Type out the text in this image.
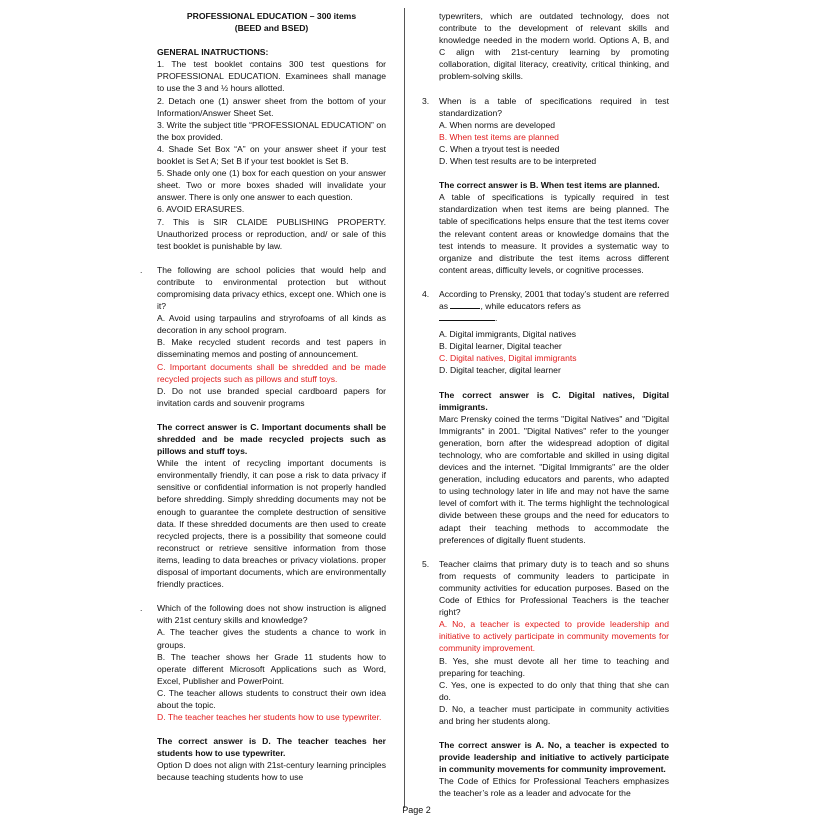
PROFESSIONAL EDUCATION – 300 items

(BEED and BSED)

GENERAL INATRUCTIONS:

1. The test booklet contains 300 test questions for PROFESSIONAL EDUCATION. Examinees shall manage to use the 3 and ½ hours allotted.

2. Detach one (1) answer sheet from the bottom of your Information/Answer Sheet Set.

3. Write the subject title “PROFESSIONAL EDUCATION” on the box provided.

4. Shade Set Box “A” on your answer sheet if your test booklet is Set A; Set B if your test booklet is Set B.

5. Shade only one (1) box for each question on your answer sheet. Two or more boxes shaded will invalidate your answer. There is only one answer to each question.

6. AVOID ERASURES.

7. This is SIR CLAIDE PUBLISHING PROPERTY. Unauthorized process or reproduction, and/ or sale of this test booklet is punishable by law.

. The following are school policies that would help and contribute to environmental protection but without compromising data privacy ethics, except one. Which one is it?

A. Avoid using tarpaulins and stryrofoams of all kinds as decoration in any school program.

B. Make recycled student records and test papers in disseminating memos and posting of announcement.

C. Important documents shall be shredded and be made recycled projects such as pillows and stuff toys.

D. Do not use branded special cardboard papers for invitation cards and souvenir programs

The correct answer is C. Important documents shall be shredded and be made recycled projects such as pillows and stuff toys.

While the intent of recycling important documents is environmentally friendly, it can pose a risk to data privacy if sensitive or confidential information is not properly handled before shredding. Simply shredding documents may not be enough to guarantee the complete destruction of sensitive data. If these shredded documents are then used to create recycled projects, there is a possibility that someone could reconstruct or retrieve sensitive information from those items, leading to data breaches or privacy violations. proper disposal of important documents, which are environmentally friendly practices.

. Which of the following does not show instruction is aligned with 21st century skills and knowledge?

A. The teacher gives the students a chance to work in groups.

B. The teacher shows her Grade 11 students how to operate different Microsoft Applications such as Word, Excel, Publisher and PowerPoint.

C. The teacher allows students to construct their own idea about the topic.

D. The teacher teaches her students how to use typewriter.

The correct answer is D. The teacher teaches her students how to use typewriter.

Option D does not align with 21st-century learning principles because teaching students how to use

typewriters, which are outdated technology, does not contribute to the development of relevant skills and knowledge needed in the modern world. Options A, B, and C align with 21st-century learning by promoting collaboration, digital literacy, creativity, critical thinking, and problem-solving skills.

3. When is a table of specifications required in test standardization?

A. When norms are developed

B. When test items are planned

C. When a tryout test is needed

D. When test results are to be interpreted

The correct answer is B. When test items are planned.

A table of specifications is typically required in test standardization when test items are being planned. The table of specifications helps ensure that the test items cover the relevant content areas or knowledge domains that the test intends to measure. It provides a systematic way to organize and distribute the test items across different content areas, difficulty levels, or cognitive processes.

4. According to Prensky, 2001 that today’s student are referred as	, while educators refers as
.

A. Digital immigrants, Digital natives

B. Digital learner, Digital teacher

C. Digital natives, Digital immigrants

D. Digital teacher, digital learner

The correct answer is C. Digital natives, Digital immigrants.

Marc Prensky coined the terms "Digital Natives" and "Digital Immigrants" in 2001. "Digital Natives" refer to the younger generation, born after the widespread adoption of digital technology, who are comfortable and skilled in using digital devices and the internet. "Digital Immigrants" are the older generation, including educators and parents, who adapted to using technology later in life and may not have the same level of comfort with it. The terms highlight the technological divide between these groups and the need for educators to adapt their teaching methods to accommodate the preferences of digitally fluent students.

5. Teacher claims that primary duty is to teach and so shuns from requests of community leaders to participate in community activities for education purposes. Based on the Code of Ethics for Professional Teachers is the teacher right?

A. No, a teacher is expected to provide leadership and initiative to actively participate in community movements for community improvement.

B. Yes, she must devote all her time to teaching and preparing for teaching.

C. Yes, one is expected to do only that thing that she can do.

D. No, a teacher must participate in community activities and bring her students along.

The correct answer is A. No, a teacher is expected to provide leadership and initiative to actively participate in community movements for community improvement.

The Code of Ethics for Professional Teachers emphasizes the teacher’s role as a leader and advocate for the

Page 2
